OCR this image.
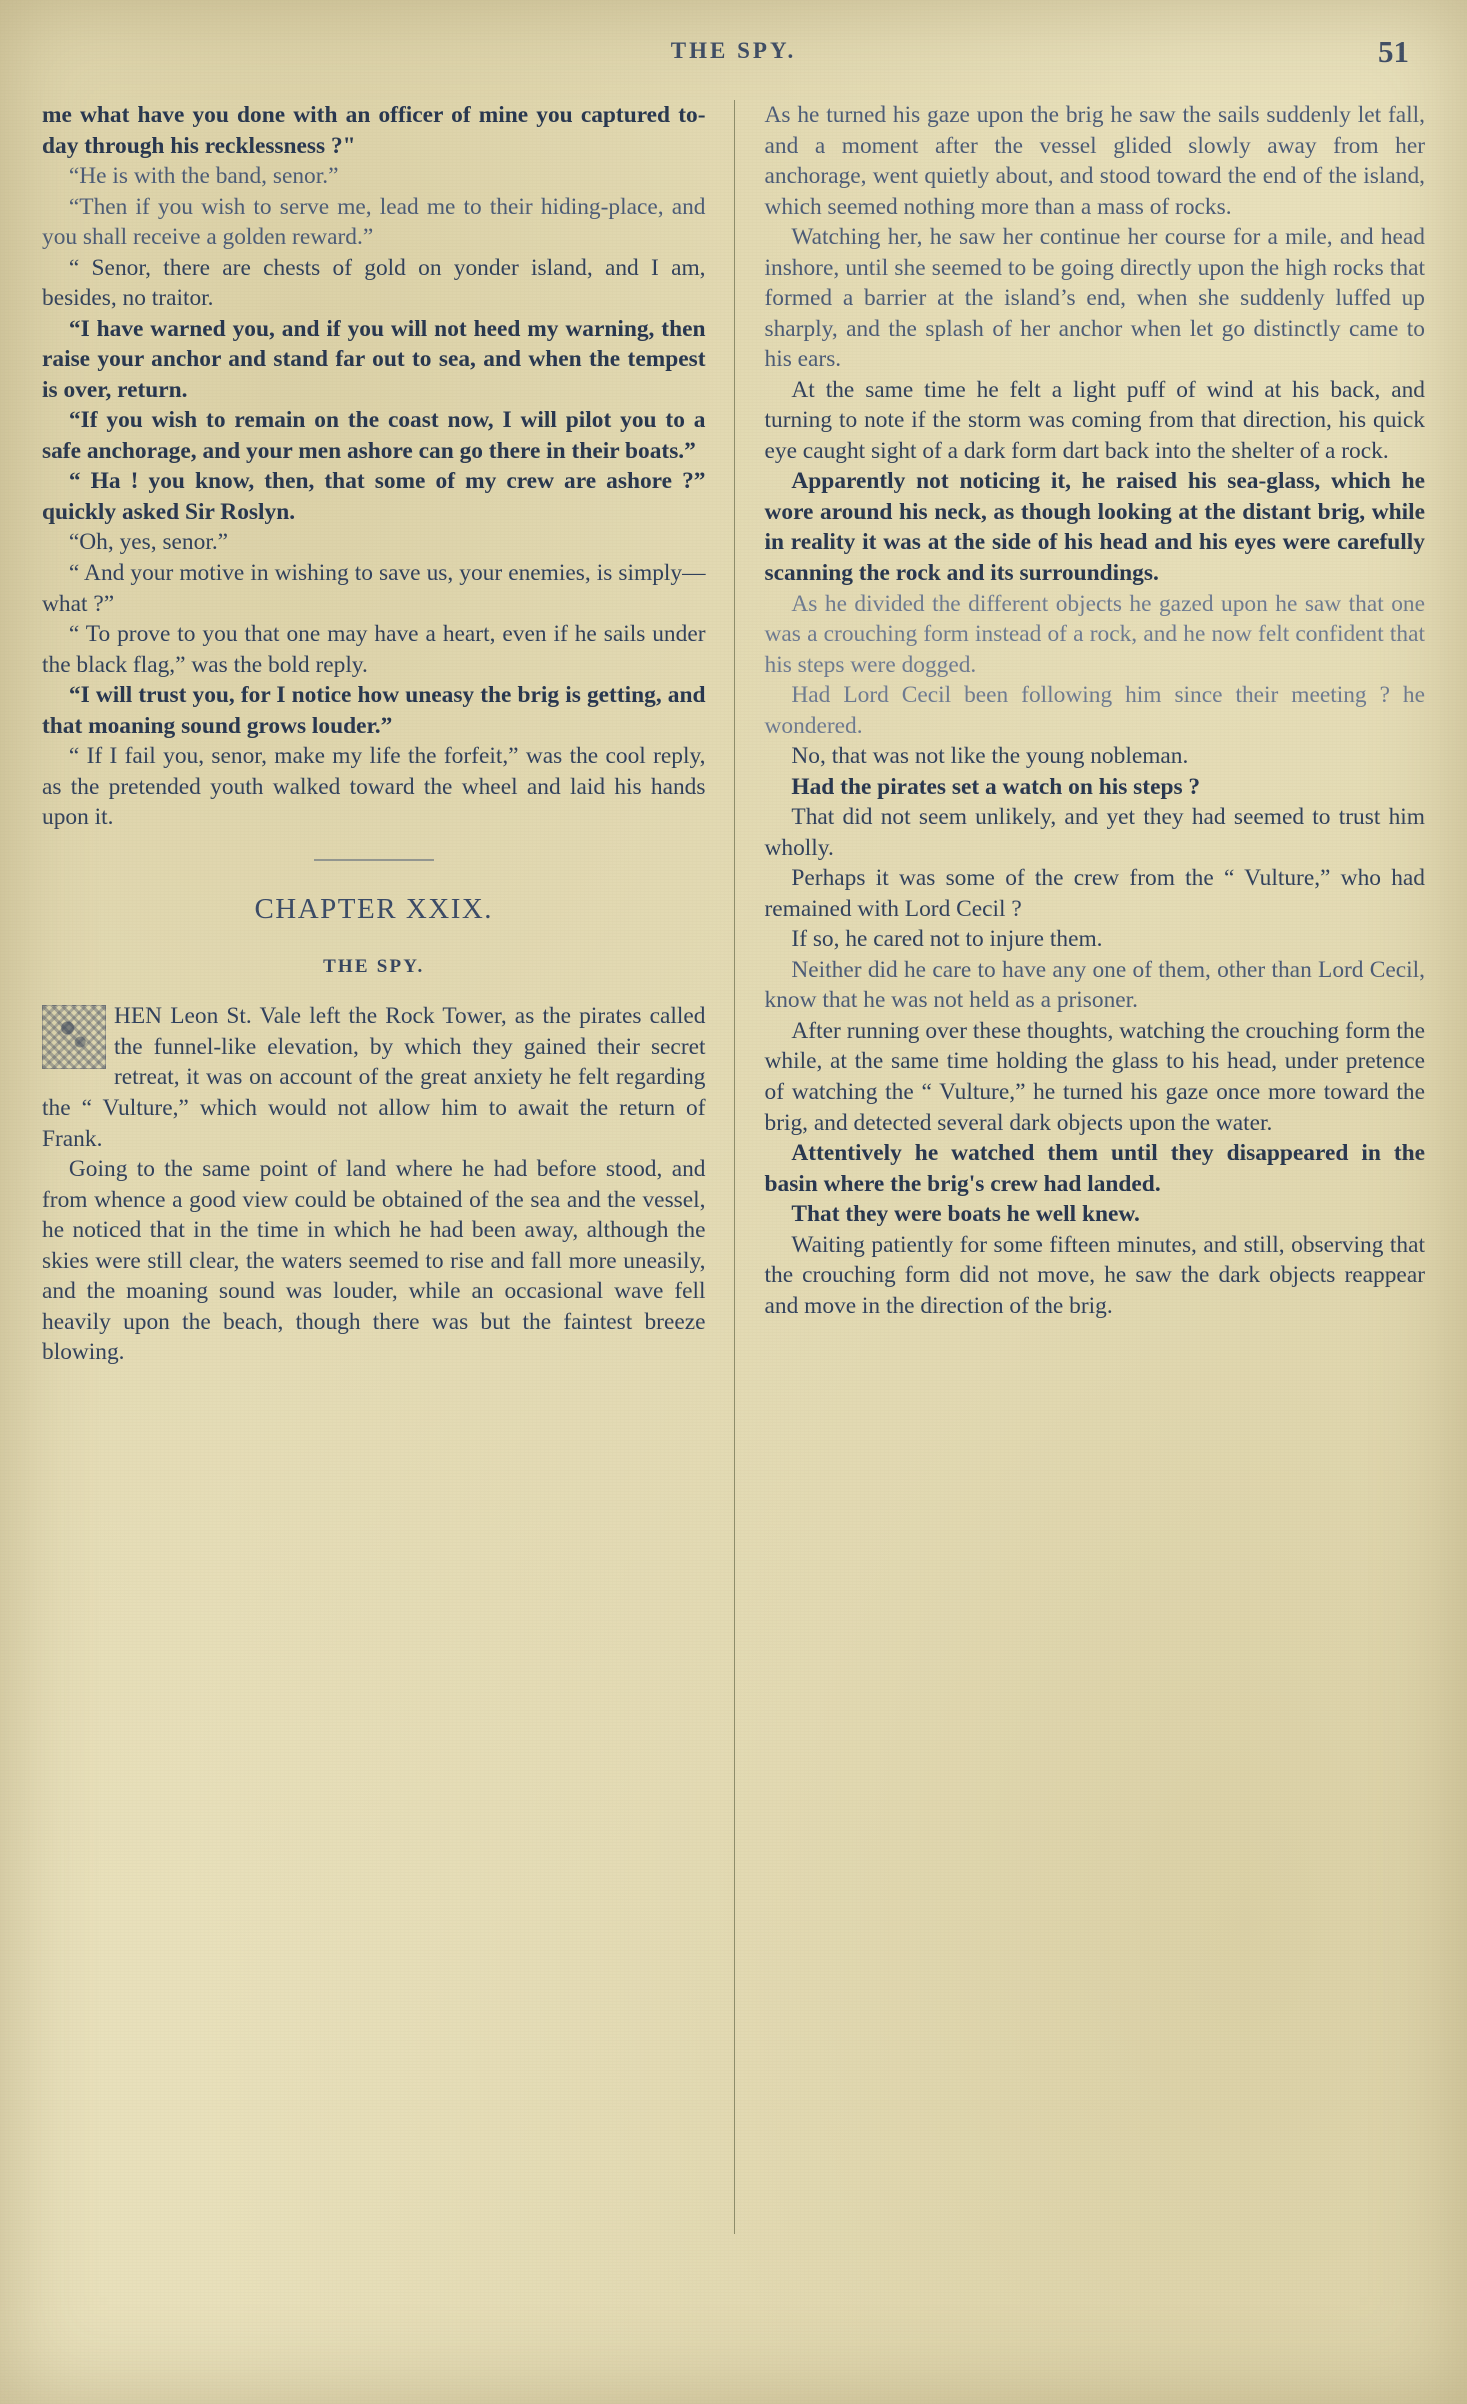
THE SPY.	51

me what have you done with an officer of mine you captured to-day through his recklessness ?"

“He is with the band, senor.”

“Then if you wish to serve me, lead me to their hiding-place, and you shall receive a golden reward.”

“ Senor, there are chests of gold on yonder island, and I am, besides, no traitor.

“I have warned you, and if you will not heed my warning, then raise your anchor and stand far out to sea, and when the tempest is over, return.

“If you wish to remain on the coast now, I will pilot you to a safe anchorage, and your men ashore can go there in their boats.”

“ Ha ! you know, then, that some of my crew are ashore ?” quickly asked Sir Roslyn.

“Oh, yes, senor.”

“ And your motive in wishing to save us, your enemies, is simply—what ?”

“ To prove to you that one may have a heart, even if he sails under the black flag,” was the bold reply.

“I will trust you, for I notice how uneasy the brig is getting, and that moaning sound grows louder.”

“ If I fail you, senor, make my life the forfeit,” was the cool reply, as the pretended youth walked toward the wheel and laid his hands upon it.

CHAPTER XXIX.
THE SPY.

HEN Leon St. Vale left the Rock Tower, as the pirates called the funnel-like elevation, by which they gained their secret retreat, it was on account of the great anxiety he felt regarding the “ Vulture,” which would not allow him to await the return of Frank.

Going to the same point of land where he had before stood, and from whence a good view could be obtained of the sea and the vessel, he noticed that in the time in which he had been away, although the skies were still clear, the waters seemed to rise and fall more uneasily, and the moaning sound was louder, while an occasional wave fell heavily upon the beach, though there was but the faintest breeze blowing.

As he turned his gaze upon the brig he saw the sails suddenly let fall, and a moment after the vessel glided slowly away from her anchorage, went quietly about, and stood toward the end of the island, which seemed nothing more than a mass of rocks.

Watching her, he saw her continue her course for a mile, and head inshore, until she seemed to be going directly upon the high rocks that formed a barrier at the island’s end, when she suddenly luffed up sharply, and the splash of her anchor when let go distinctly came to his ears.

At the same time he felt a light puff of wind at his back, and turning to note if the storm was coming from that direction, his quick eye caught sight of a dark form dart back into the shelter of a rock.

Apparently not noticing it, he raised his sea-glass, which he wore around his neck, as though looking at the distant brig, while in reality it was at the side of his head and his eyes were carefully scanning the rock and its surroundings.

As he divided the different objects he gazed upon he saw that one was a crouching form instead of a rock, and he now felt confident that his steps were dogged.

Had Lord Cecil been following him since their meeting ? he wondered.

No, that was not like the young nobleman.

Had the pirates set a watch on his steps ?

That did not seem unlikely, and yet they had seemed to trust him wholly.

Perhaps it was some of the crew from the “ Vulture,” who had remained with Lord Cecil ?

If so, he cared not to injure them.

Neither did he care to have any one of them, other than Lord Cecil, know that he was not held as a prisoner.

After running over these thoughts, watching the crouching form the while, at the same time holding the glass to his head, under pretence of watching the “ Vulture,” he turned his gaze once more toward the brig, and detected several dark objects upon the water.

Attentively he watched them until they disappeared in the basin where the brig's crew had landed.

That they were boats he well knew.

Waiting patiently for some fifteen minutes, and still, observing that the crouching form did not move, he saw the dark objects reappear and move in the direction of the brig.
